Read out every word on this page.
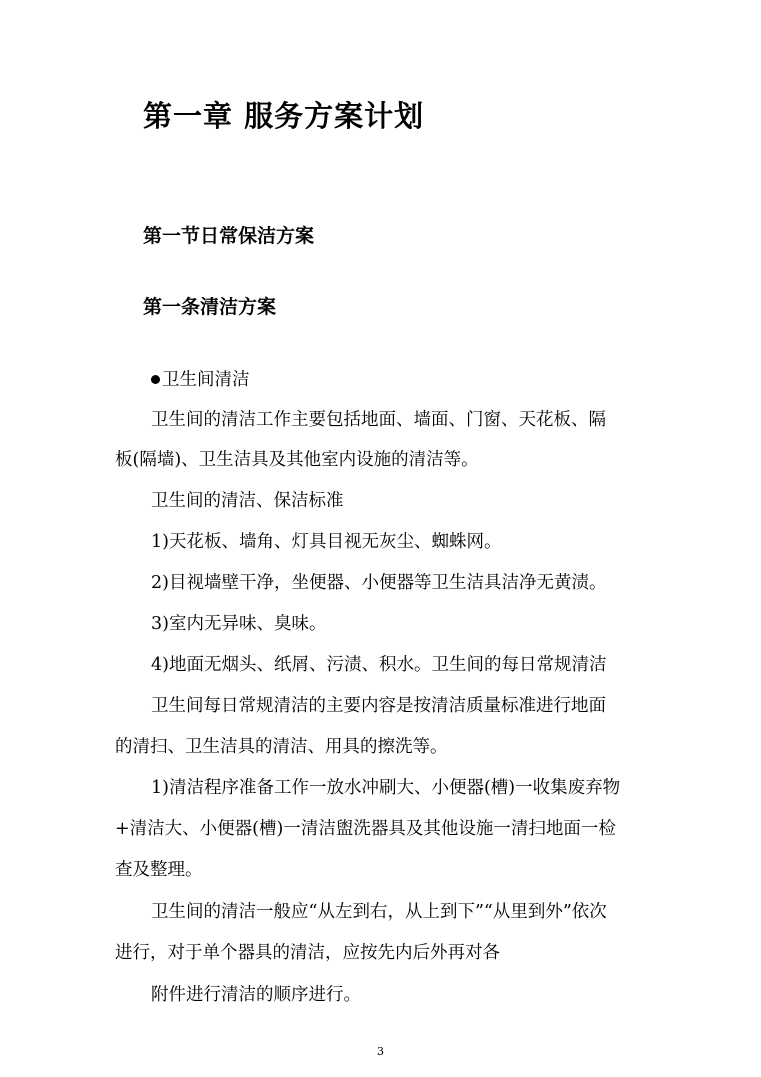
第一章 服务方案计划
第一节日常保洁方案
第一条清洁方案
卫生间清洁
卫生间的清洁工作主要包括地面、墙面、门窗、天花板、隔
板(隔墙)、卫生洁具及其他室内设施的清洁等。
卫生间的清洁、保洁标准
1)天花板、墙角、灯具目视无灰尘、蜘蛛网。
2)目视墙壁干净，坐便器、小便器等卫生洁具洁净无黄渍。
3)室内无异味、臭味。
4)地面无烟头、纸屑、污渍、积水。卫生间的每日常规清洁
卫生间每日常规清洁的主要内容是按清洁质量标准进行地面
的清扫、卫生洁具的清洁、用具的擦洗等。
1)清洁程序准备工作一放水冲刷大、小便器(槽)一收集废弃物
+清洁大、小便器(槽)一清洁盥洗器具及其他设施一清扫地面一检
查及整理。
卫生间的清洁一般应“从左到右，从上到下”“从里到外”依次
进行，对于单个器具的清洁，应按先内后外再对各
附件进行清洁的顺序进行。
3
